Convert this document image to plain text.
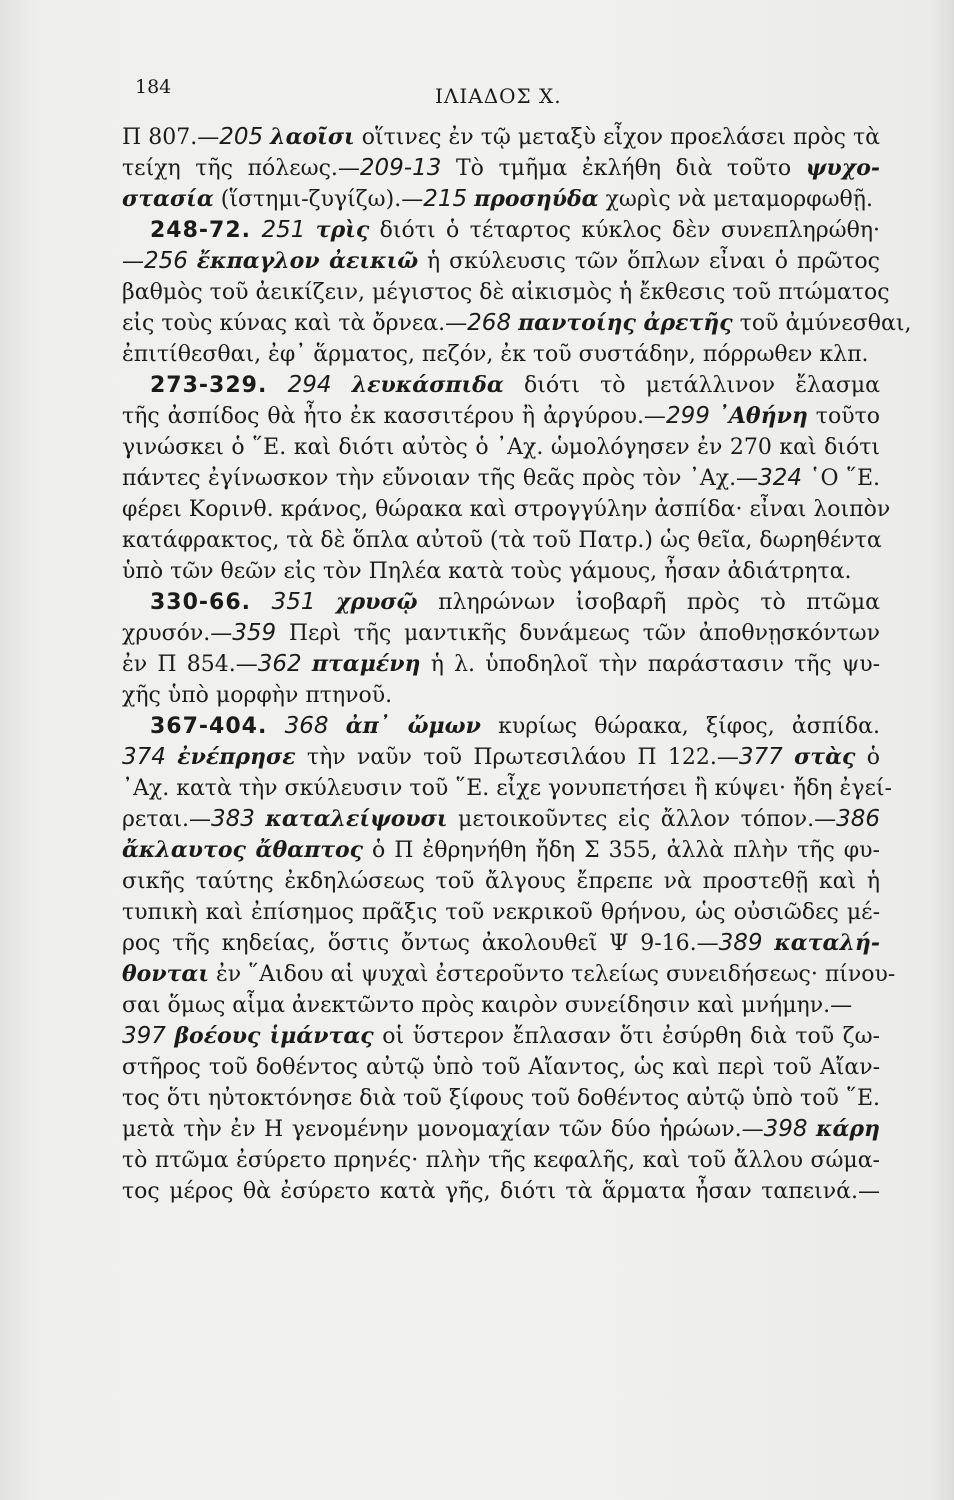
184	ΙΛΙΑΔΟΣ Χ.
Π 807.—205 λαοῖσι οἵτινες ἐν τῷ μεταξὺ εἶχον προελάσει πρὸς τὰ
τείχη τῆς πόλεως.—209-13 Τὸ τμῆμα ἐκλήθη διὰ τοῦτο ψυχο-
στασία (ἵστημι-ζυγίζω).—215 προσηύδα χωρὶς νὰ μεταμορφωθῇ.
248-72. 251 τρὶς διότι ὁ τέταρτος κύκλος δὲν συνεπληρώθη·
—256 ἔκπαγλον ἀεικιῶ ἡ σκύλευσις τῶν ὅπλων εἶναι ὁ πρῶτος
βαθμὸς τοῦ ἀεικίζειν, μέγιστος δὲ αἰκισμὸς ἡ ἔκθεσις τοῦ πτώματος
εἰς τοὺς κύνας καὶ τὰ ὄρνεα.—268 παντοίης ἀρετῆς τοῦ ἀμύνεσθαι,
ἐπιτίθεσθαι, ἐφ᾽ ἅρματος, πεζόν, ἐκ τοῦ συστάδην, πόρρωθεν κλπ.
273-329. 294 λευκάσπιδα διότι τὸ μετάλλινον ἔλασμα
τῆς ἀσπίδος θὰ ἦτο ἐκ κασσιτέρου ἢ ἀργύρου.—299 ᾽Αθήνη τοῦτο
γινώσκει ὁ ῞Ε. καὶ διότι αὐτὸς ὁ ᾽Αχ. ὡμολόγησεν ἐν 270 καὶ διότι
πάντες ἐγίνωσκον τὴν εὔνοιαν τῆς θεᾶς πρὸς τὸν ᾽Αχ.—324 ῾Ο ῞Ε.
φέρει Κορινθ. κράνος, θώρακα καὶ στρογγύλην ἀσπίδα· εἶναι λοιπὸν
κατάφρακτος, τὰ δὲ ὅπλα αὐτοῦ (τὰ τοῦ Πατρ.) ὡς θεῖα, δωρηθέντα
ὑπὸ τῶν θεῶν εἰς τὸν Πηλέα κατὰ τοὺς γάμους, ἦσαν ἀδιάτρητα.
330-66. 351 χρυσῷ πληρώνων ἰσοβαρῆ πρὸς τὸ πτῶμα
χρυσόν.—359 Περὶ τῆς μαντικῆς δυνάμεως τῶν ἀποθνῃσκόντων
ἐν Π 854.—362 πταμένη ἡ λ. ὑποδηλοῖ τὴν παράστασιν τῆς ψυ-
χῆς ὑπὸ μορφὴν πτηνοῦ.
367-404. 368 ἀπ᾽ ὤμων κυρίως θώρακα, ξίφος, ἀσπίδα.
374 ἐνέπρησε τὴν ναῦν τοῦ Πρωτεσιλάου Π 122.—377 στὰς ὁ
᾽Αχ. κατὰ τὴν σκύλευσιν τοῦ ῞Ε. εἶχε γονυπετήσει ἢ κύψει· ἤδη ἐγεί-
ρεται.—383 καταλείψουσι μετοικοῦντες εἰς ἄλλον τόπον.—386
ἄκλαυτος ἄθαπτος ὁ Π ἐθρηνήθη ἤδη Σ 355, ἀλλὰ πλὴν τῆς φυ-
σικῆς ταύτης ἐκδηλώσεως τοῦ ἄλγους ἔπρεπε νὰ προστεθῇ καὶ ἡ
τυπικὴ καὶ ἐπίσημος πρᾶξις τοῦ νεκρικοῦ θρήνου, ὡς οὐσιῶδες μέ-
ρος τῆς κηδείας, ὅστις ὄντως ἀκολουθεῖ Ψ 9-16.—389 καταλή-
θονται ἐν ῞Αιδου αἱ ψυχαὶ ἐστεροῦντο τελείως συνειδήσεως· πίνου-
σαι ὅμως αἷμα ἀνεκτῶντο πρὸς καιρὸν συνείδησιν καὶ μνήμην.—
397 βοέους ἱμάντας οἱ ὕστερον ἔπλασαν ὅτι ἐσύρθη διὰ τοῦ ζω-
στῆρος τοῦ δοθέντος αὐτῷ ὑπὸ τοῦ Αἴαντος, ὡς καὶ περὶ τοῦ Αἴαν-
τος ὅτι ηὐτοκτόνησε διὰ τοῦ ξίφους τοῦ δοθέντος αὐτῷ ὑπὸ τοῦ ῞Ε.
μετὰ τὴν ἐν Η γενομένην μονομαχίαν τῶν δύο ἡρώων.—398 κάρη
τὸ πτῶμα ἐσύρετο πρηνές· πλὴν τῆς κεφαλῆς, καὶ τοῦ ἄλλου σώμα-
τος μέρος θὰ ἐσύρετο κατὰ γῆς, διότι τὰ ἅρματα ἦσαν ταπεινά.—
